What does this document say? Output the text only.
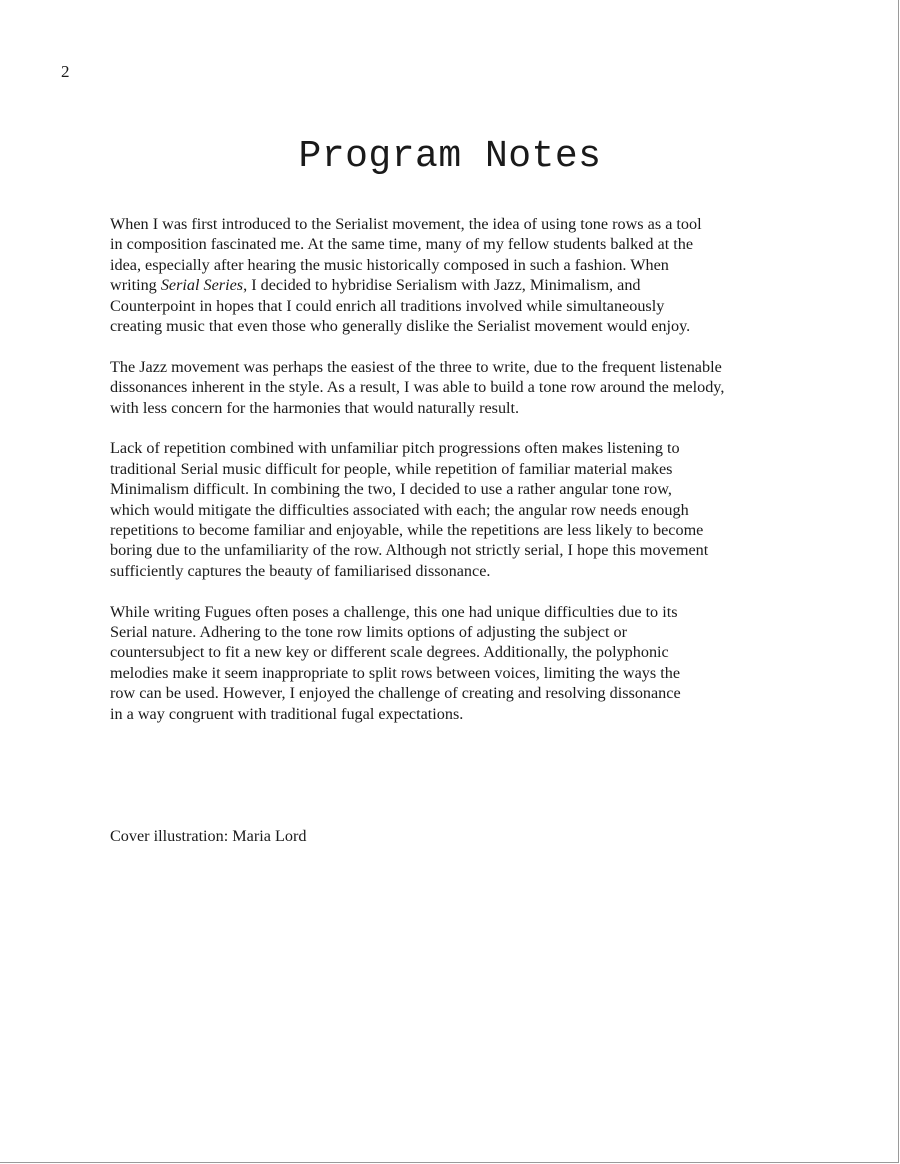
2
Program Notes

When I was first introduced to the Serialist movement, the idea of using tone rows as a tool
in composition fascinated me. At the same time, many of my fellow students balked at the
idea, especially after hearing the music historically composed in such a fashion. When
writing Serial Series, I decided to hybridise Serialism with Jazz, Minimalism, and
Counterpoint in hopes that I could enrich all traditions involved while simultaneously
creating music that even those who generally dislike the Serialist movement would enjoy.

The Jazz movement was perhaps the easiest of the three to write, due to the frequent listenable
dissonances inherent in the style. As a result, I was able to build a tone row around the melody,
with less concern for the harmonies that would naturally result.

Lack of repetition combined with unfamiliar pitch progressions often makes listening to
traditional Serial music difficult for people, while repetition of familiar material makes
Minimalism difficult. In combining the two, I decided to use a rather angular tone row,
which would mitigate the difficulties associated with each; the angular row needs enough
repetitions to become familiar and enjoyable, while the repetitions are less likely to become
boring due to the unfamiliarity of the row. Although not strictly serial, I hope this movement
sufficiently captures the beauty of familiarised dissonance.

While writing Fugues often poses a challenge, this one had unique difficulties due to its
Serial nature. Adhering to the tone row limits options of adjusting the subject or
countersubject to fit a new key or different scale degrees. Additionally, the polyphonic
melodies make it seem inappropriate to split rows between voices, limiting the ways the
row can be used. However, I enjoyed the challenge of creating and resolving dissonance
in a way congruent with traditional fugal expectations.

Cover illustration: Maria Lord
